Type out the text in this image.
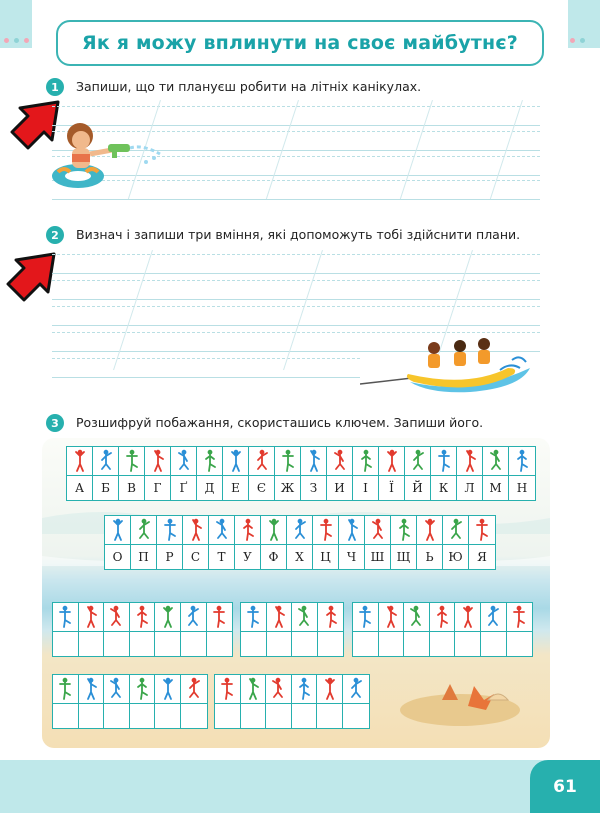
Як я можу вплинути на своє майбутнє?
1	Запиши, що ти плануєш робити на літніх канікулах.
2	Визнач і запиши три вміння, які допоможуть тобі здійснити плани.
3	Розшифруй побажання, скористашись ключем. Запиши його.
А	Б	В	Г	Ґ	Д	Е	Є	Ж	З	И	І	Ї	Й	К	Л	М	Н
О	П	Р	С	Т	У	Ф	Х	Ц	Ч	Ш	Щ	Ь	Ю	Я
61
